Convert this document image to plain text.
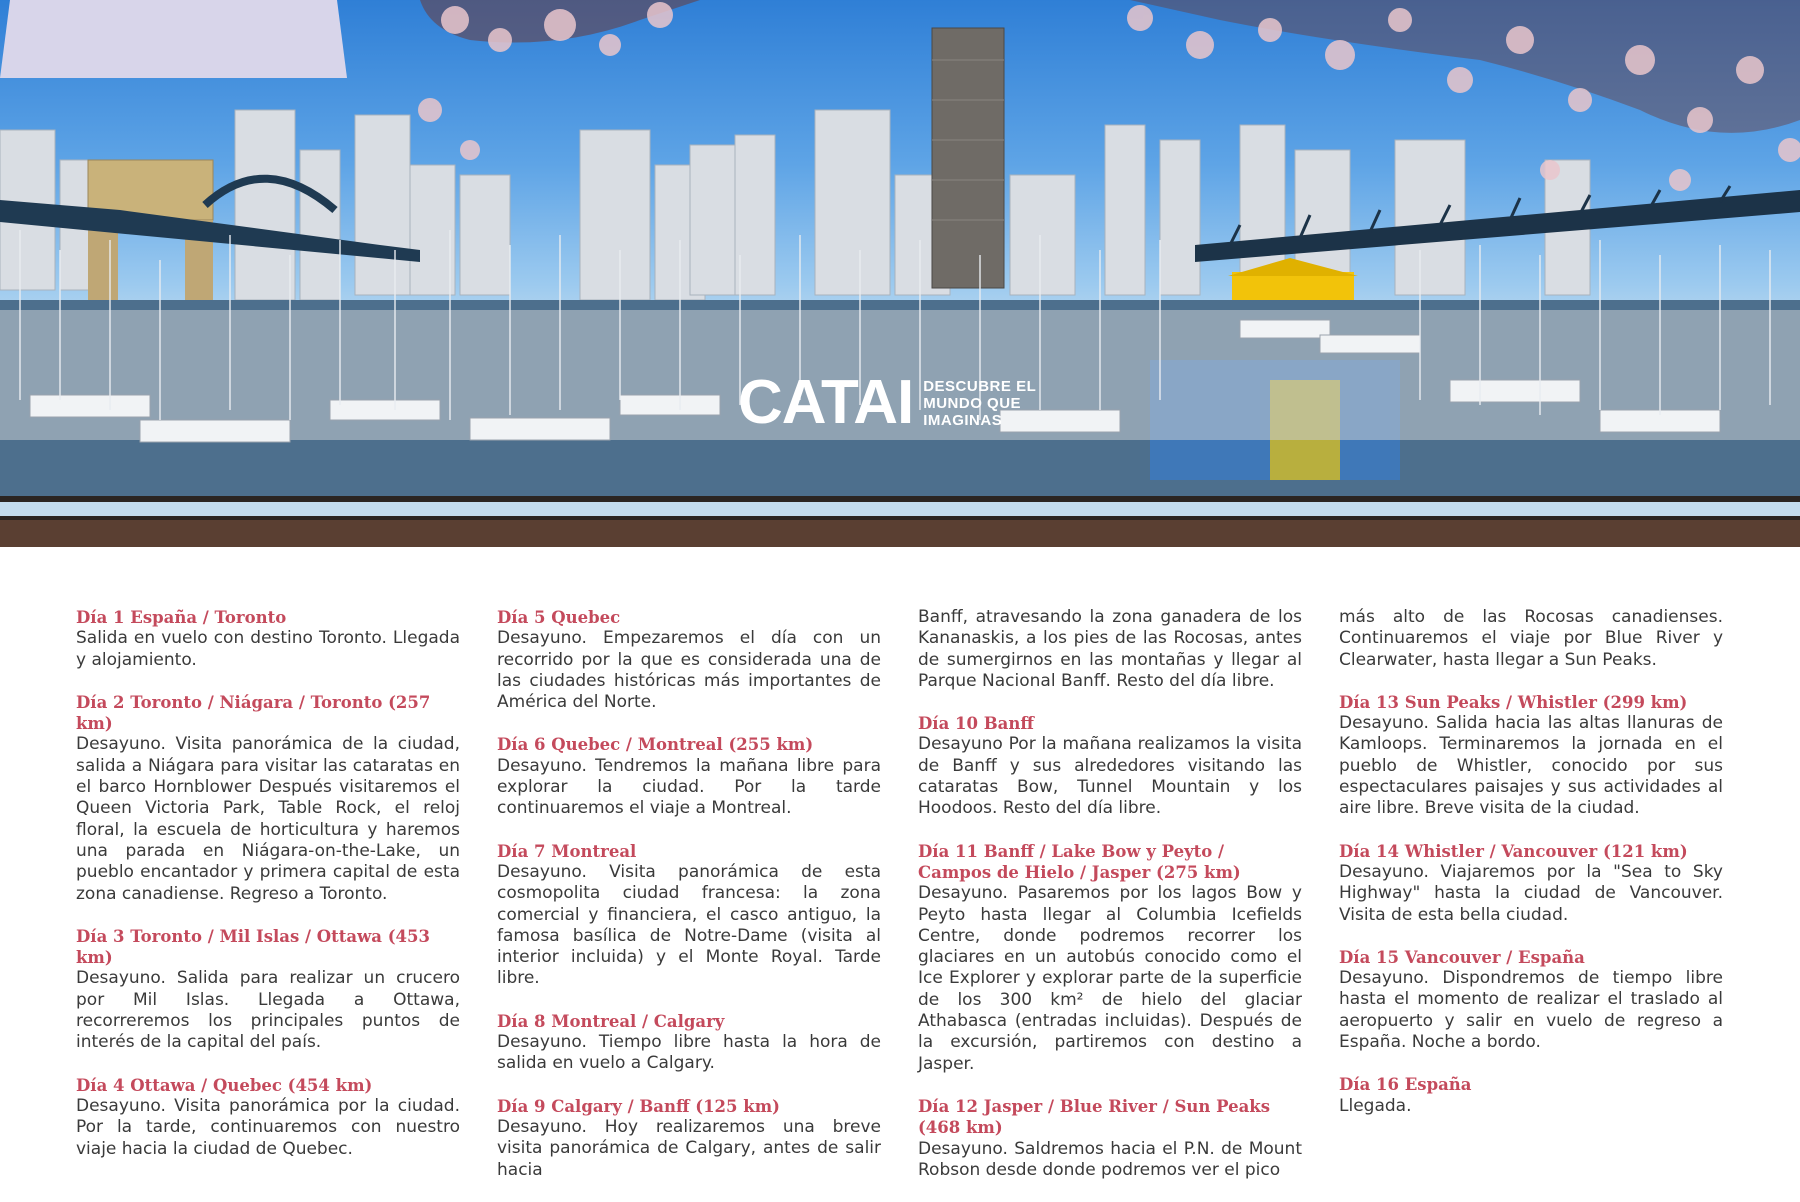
CATAI DESCUBRE EL MUNDO QUE IMAGINAS
Día 1 España / Toronto
Salida en vuelo con destino Toronto. Llegada y alojamiento.
Día 2 Toronto / Niágara / Toronto (257 km)
Desayuno. Visita panorámica de la ciudad, salida a Niágara para visitar las cataratas en el barco Hornblower Después visitaremos el Queen Victoria Park, Table Rock, el reloj floral, la escuela de horticultura y haremos una parada en Niágara-on-the-Lake, un pueblo encantador y primera capital de esta zona canadiense. Regreso a Toronto.
Día 3 Toronto / Mil Islas / Ottawa (453 km)
Desayuno. Salida para realizar un crucero por Mil Islas. Llegada a Ottawa, recorreremos los principales puntos de interés de la capital del país.
Día 4 Ottawa / Quebec (454 km)
Desayuno. Visita panorámica por la ciudad. Por la tarde, continuaremos con nuestro viaje hacia la ciudad de Quebec.
Día 5 Quebec
Desayuno. Empezaremos el día con un recorrido por la que es considerada una de las ciudades históricas más importantes de América del Norte.
Día 6 Quebec / Montreal (255 km)
Desayuno. Tendremos la mañana libre para explorar la ciudad. Por la tarde continuaremos el viaje a Montreal.
Día 7 Montreal
Desayuno. Visita panorámica de esta cosmopolita ciudad francesa: la zona comercial y financiera, el casco antiguo, la famosa basílica de Notre-Dame (visita al interior incluida) y el Monte Royal. Tarde libre.
Día 8 Montreal / Calgary
Desayuno. Tiempo libre hasta la hora de salida en vuelo a Calgary.
Día 9 Calgary / Banff (125 km)
Desayuno. Hoy realizaremos una breve visita panorámica de Calgary, antes de salir hacia
Banff, atravesando la zona ganadera de los Kananaskis, a los pies de las Rocosas, antes de sumergirnos en las montañas y llegar al Parque Nacional Banff. Resto del día libre.
Día 10 Banff
Desayuno Por la mañana realizamos la visita de Banff y sus alrededores visitando las cataratas Bow, Tunnel Mountain y los Hoodoos. Resto del día libre.
Día 11 Banff / Lake Bow y Peyto / Campos de Hielo / Jasper (275 km)
Desayuno. Pasaremos por los lagos Bow y Peyto hasta llegar al Columbia Icefields Centre, donde podremos recorrer los glaciares en un autobús conocido como el Ice Explorer y explorar parte de la superficie de los 300 km² de hielo del glaciar Athabasca (entradas incluidas). Después de la excursión, partiremos con destino a Jasper.
Día 12 Jasper / Blue River / Sun Peaks (468 km)
Desayuno. Saldremos hacia el P.N. de Mount Robson desde donde podremos ver el pico
más alto de las Rocosas canadienses. Continuaremos el viaje por Blue River y Clearwater, hasta llegar a Sun Peaks.
Día 13 Sun Peaks / Whistler (299 km)
Desayuno. Salida hacia las altas llanuras de Kamloops. Terminaremos la jornada en el pueblo de Whistler, conocido por sus espectaculares paisajes y sus actividades al aire libre. Breve visita de la ciudad.
Día 14 Whistler / Vancouver (121 km)
Desayuno. Viajaremos por la "Sea to Sky Highway" hasta la ciudad de Vancouver. Visita de esta bella ciudad.
Día 15 Vancouver / España
Desayuno. Dispondremos de tiempo libre hasta el momento de realizar el traslado al aeropuerto y salir en vuelo de regreso a España. Noche a bordo.
Día 16 España
Llegada.
